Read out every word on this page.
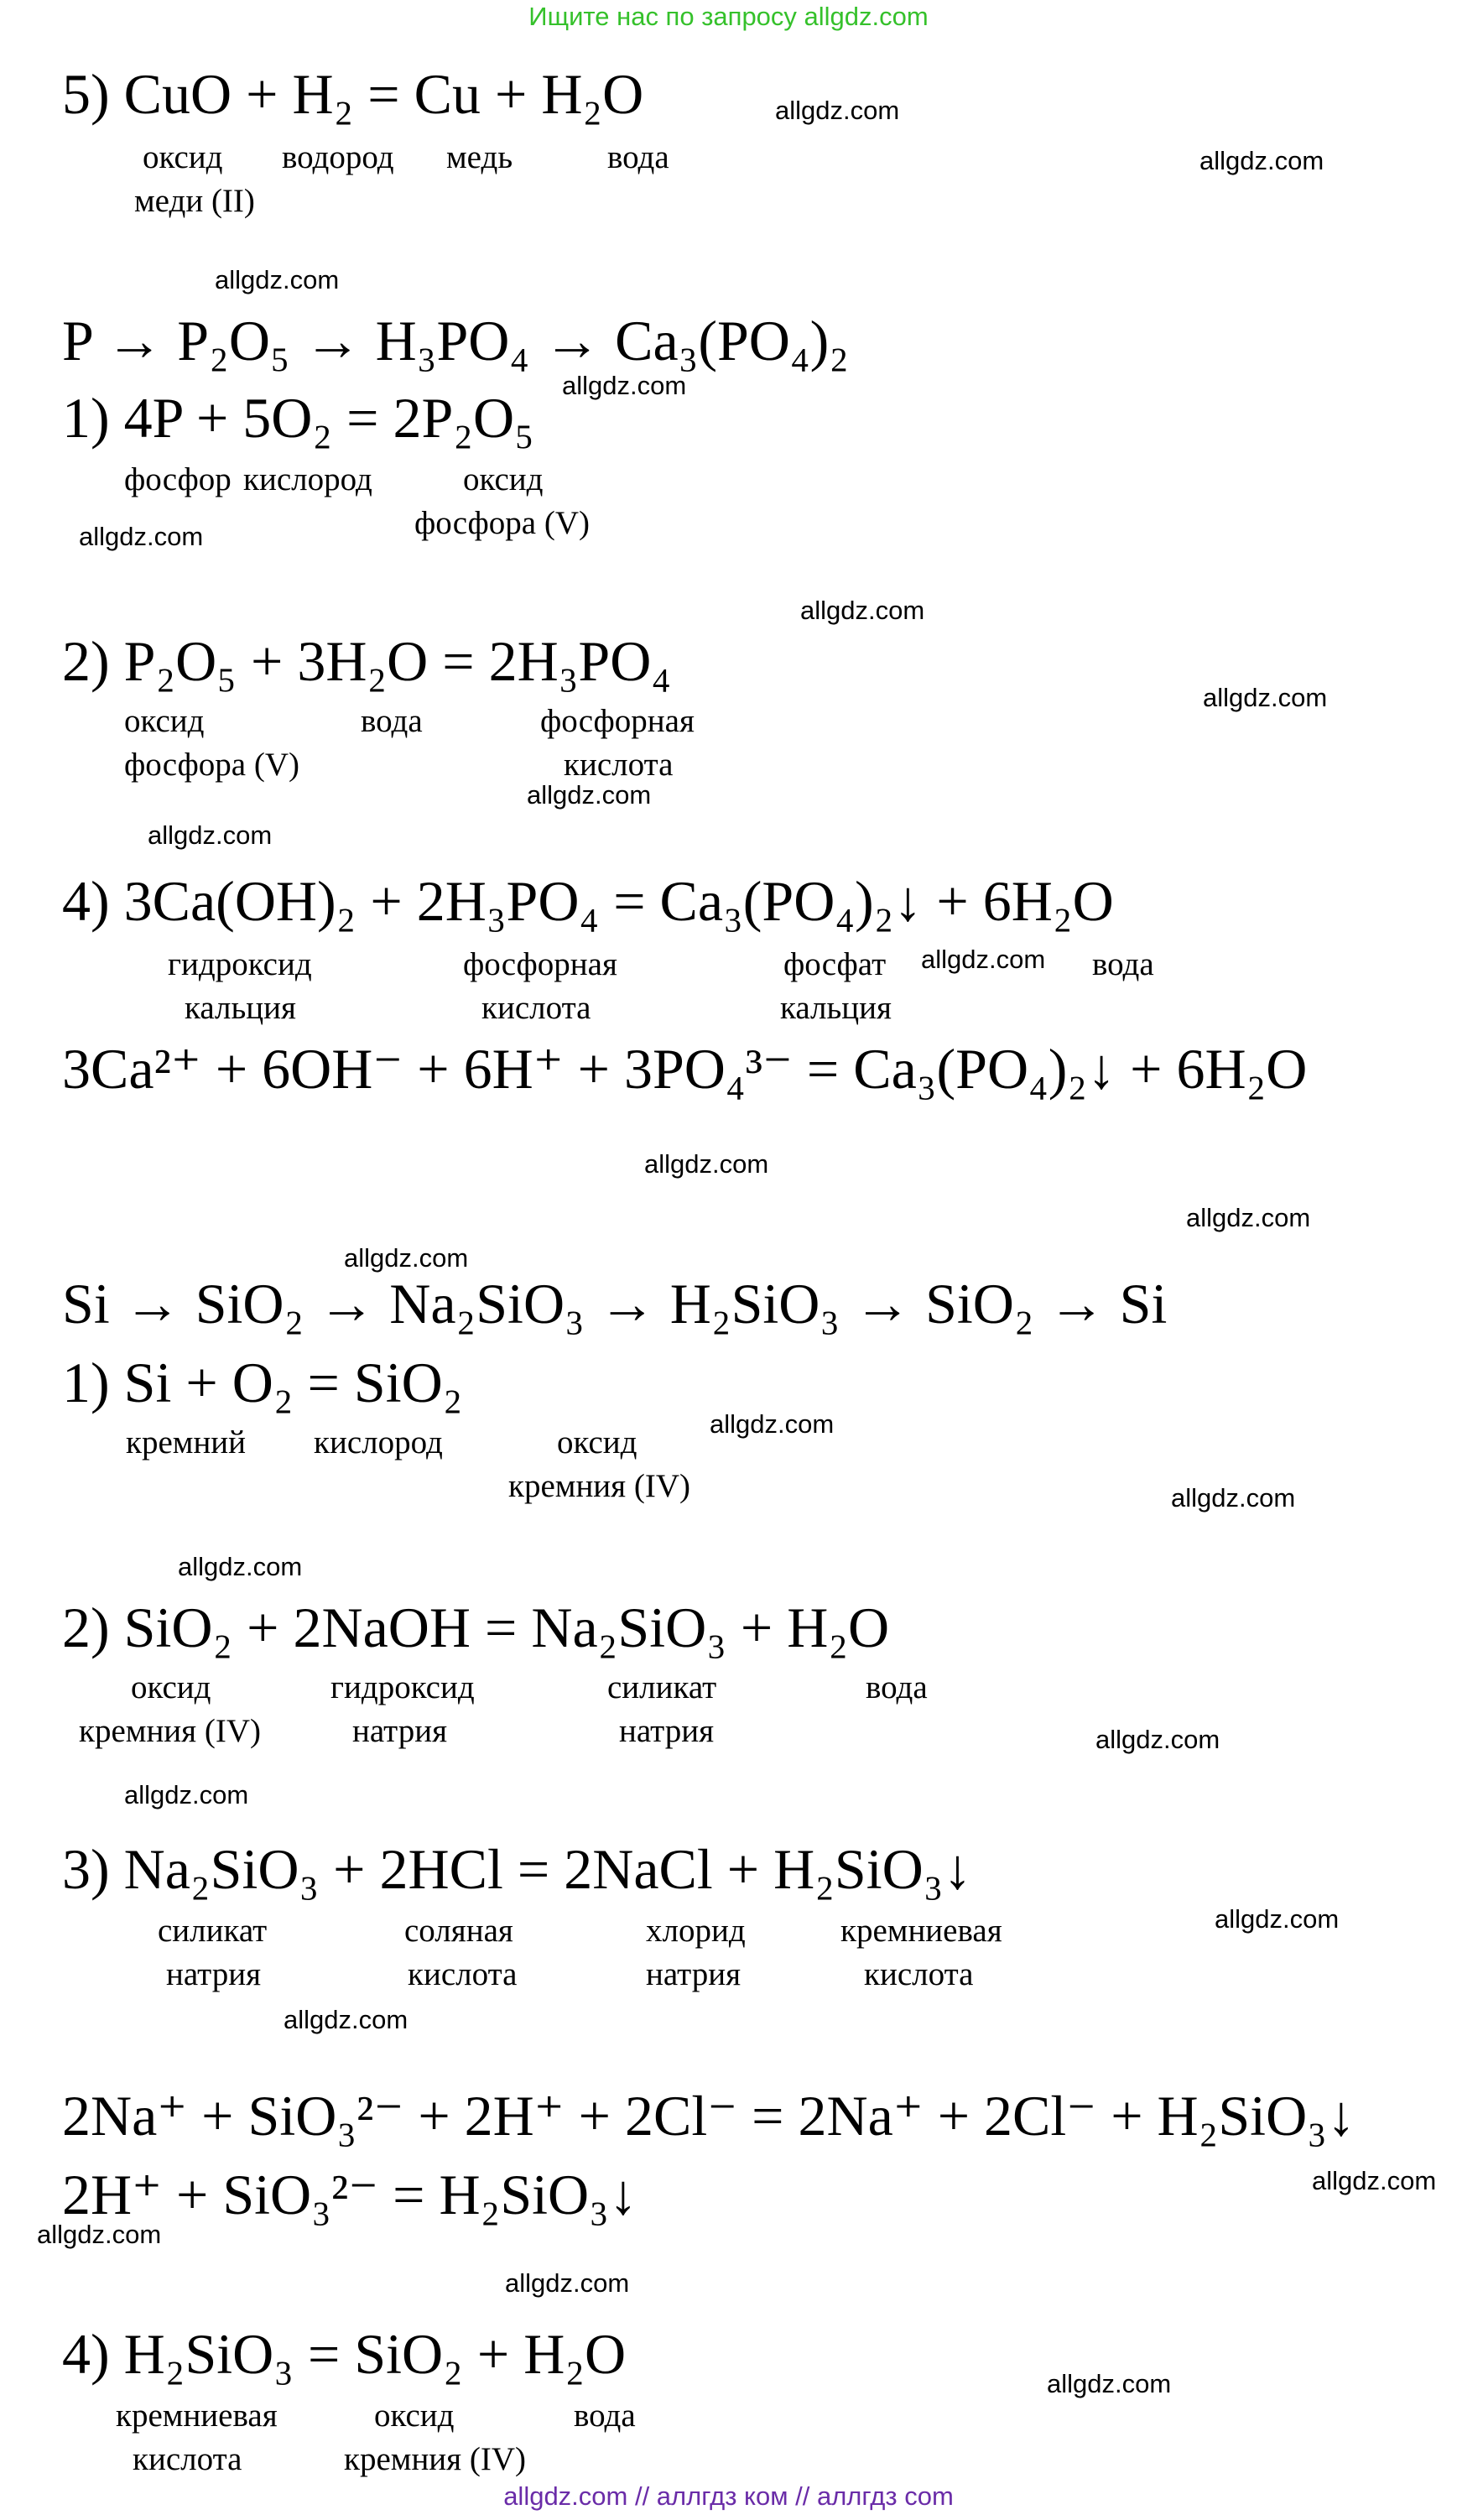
Ищите нас по запросу allgdz.com
5) CuO + H₂ = Cu + H₂O
оксид
меди (II)
водород медь	вода
P → P₂O₅ → H₃PO₄ → Ca₃(PO₄)₂
1) 4P + 5O₂ = 2P₂O₅
фосфор кислород	оксид
фосфора (V)
2) P₂O₅ + 3H₂O = 2H₃PO₄
оксид
фосфора (V)
вода	фосфорная
кислота
4) 3Ca(OH)₂ + 2H₃PO₄ = Ca₃(PO₄)₂↓ + 6H₂O
гидроксид
кальция
фосфорная
кислота
фосфат
кальция
вода
3Ca²⁺ + 6OH⁻ + 6H⁺ + 3PO₄³⁻ = Ca₃(PO₄)₂↓ + 6H₂O
Si → SiO₂ → Na₂SiO₃ → H₂SiO₃ → SiO₂ → Si
1) Si + O₂ = SiO₂
кремний кислород	оксид
кремния (IV)
2) SiO₂ + 2NaOH = Na₂SiO₃ + H₂O
оксид
кремния (IV)
гидроксид
натрия
силикат
натрия
вода
3) Na₂SiO₃ + 2HCl = 2NaCl + H₂SiO₃↓
силикат
натрия
соляная
кислота
хлорид
натрия
кремниевая
кислота
2Na⁺ + SiO₃²⁻ + 2H⁺ + 2Cl⁻ = 2Na⁺ + 2Cl⁻ + H₂SiO₃↓
2H⁺ + SiO₃²⁻ = H₂SiO₃↓
4) H₂SiO₃ = SiO₂ + H₂O
кремниевая
кислота
оксид
кремния (IV)
вода
allgdz.com
allgdz.com
allgdz.com
allgdz.com
allgdz.com
allgdz.com
allgdz.com
allgdz.com
allgdz.com
allgdz.com
allgdz.com
allgdz.com
allgdz.com
allgdz.com
allgdz.com
allgdz.com
allgdz.com
allgdz.com
allgdz.com
allgdz.com
allgdz.com
allgdz.com
allgdz.com
allgdz.com
allgdz.com // аллгдз ком // аллгдз com
